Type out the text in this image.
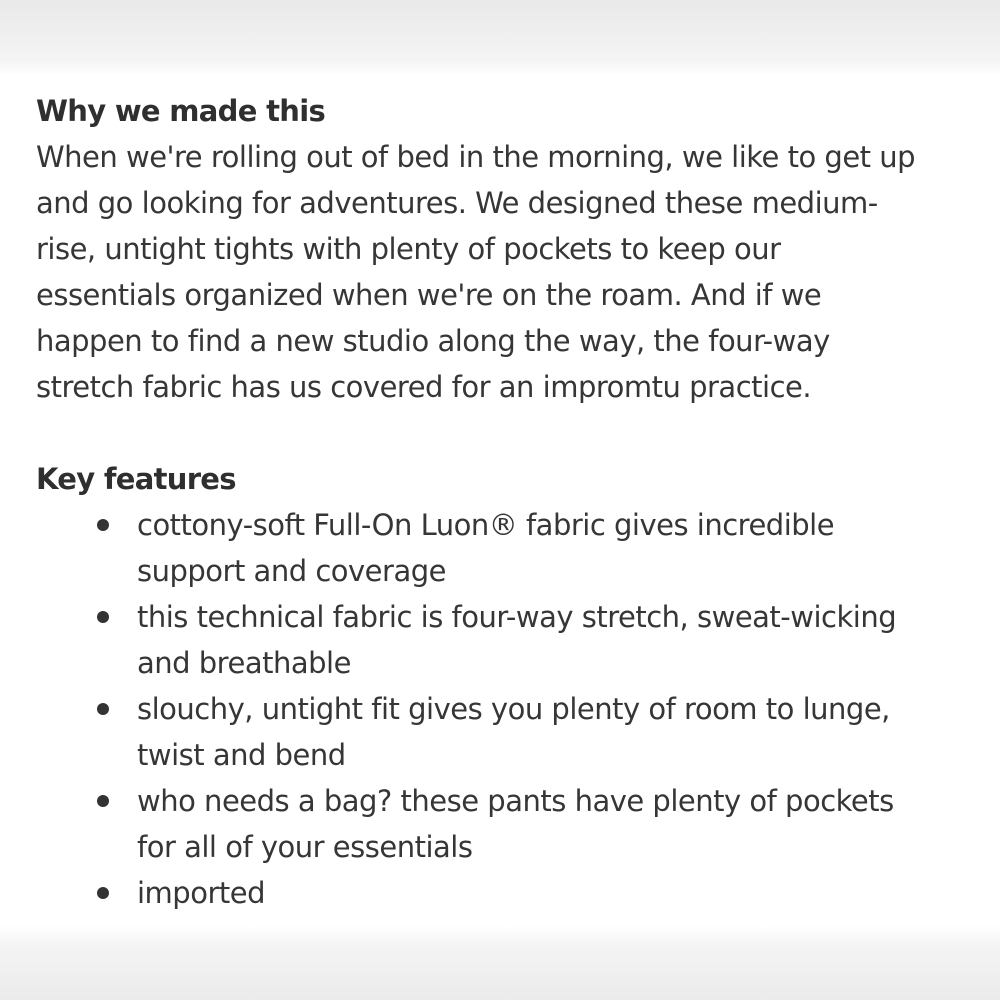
Why we made this

When we're rolling out of bed in the morning, we like to get up
and go looking for adventures. We designed these medium-
rise, untight tights with plenty of pockets to keep our
essentials organized when we're on the roam. And if we
happen to find a new studio along the way, the four-way
stretch fabric has us covered for an impromtu practice.

Key features
cottony-soft Full-On Luon® fabric gives incredible
support and coverage
this technical fabric is four-way stretch, sweat-wicking
and breathable
slouchy, untight fit gives you plenty of room to lunge,
twist and bend
who needs a bag? these pants have plenty of pockets
for all of your essentials
imported
